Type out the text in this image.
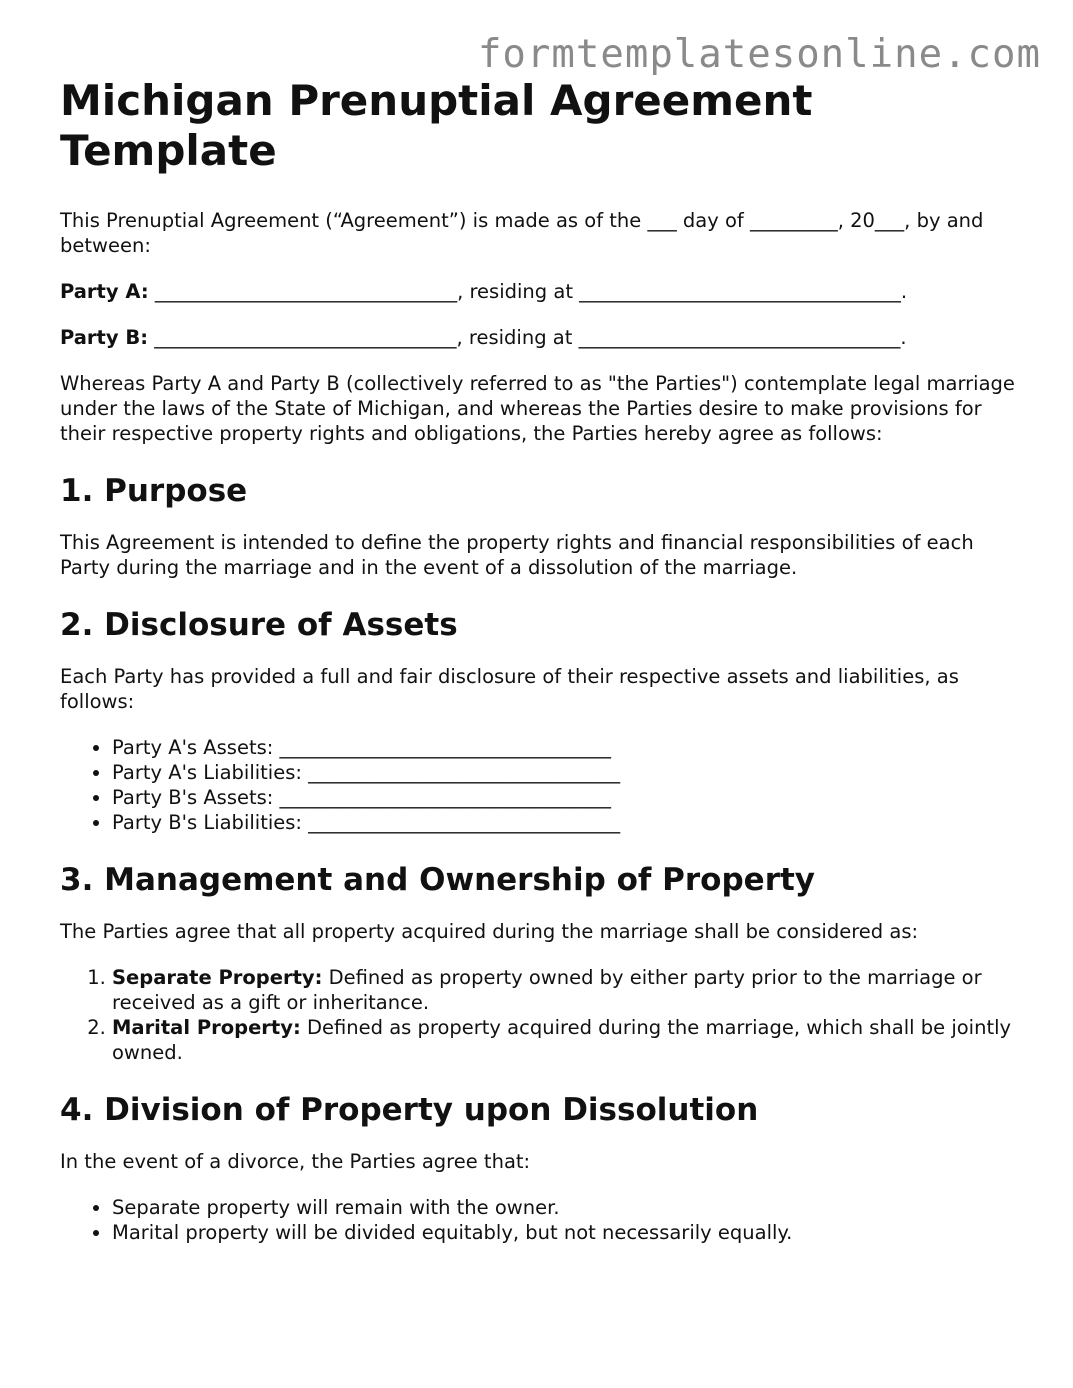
formtemplatesonline.com
Michigan Prenuptial Agreement Template

This Prenuptial Agreement (“Agreement”) is made as of the ___ day of _________, 20___, by and between:

Party A: _______________________________, residing at _________________________________.

Party B: _______________________________, residing at _________________________________.

Whereas Party A and Party B (collectively referred to as "the Parties") contemplate legal marriage under the laws of the State of Michigan, and whereas the Parties desire to make provisions for their respective property rights and obligations, the Parties hereby agree as follows:

1. Purpose

This Agreement is intended to define the property rights and financial responsibilities of each Party during the marriage and in the event of a dissolution of the marriage.

2. Disclosure of Assets

Each Party has provided a full and fair disclosure of their respective assets and liabilities, as follows:

• Party A's Assets: __________________________________
• Party A's Liabilities: ________________________________
• Party B's Assets: __________________________________
• Party B's Liabilities: ________________________________
3. Management and Ownership of Property

The Parties agree that all property acquired during the marriage shall be considered as:

1. Separate Property: Defined as property owned by either party prior to the marriage or received as a gift or inheritance.
2. Marital Property: Defined as property acquired during the marriage, which shall be jointly owned.
4. Division of Property upon Dissolution

In the event of a divorce, the Parties agree that:

• Separate property will remain with the owner.
• Marital property will be divided equitably, but not necessarily equally.
